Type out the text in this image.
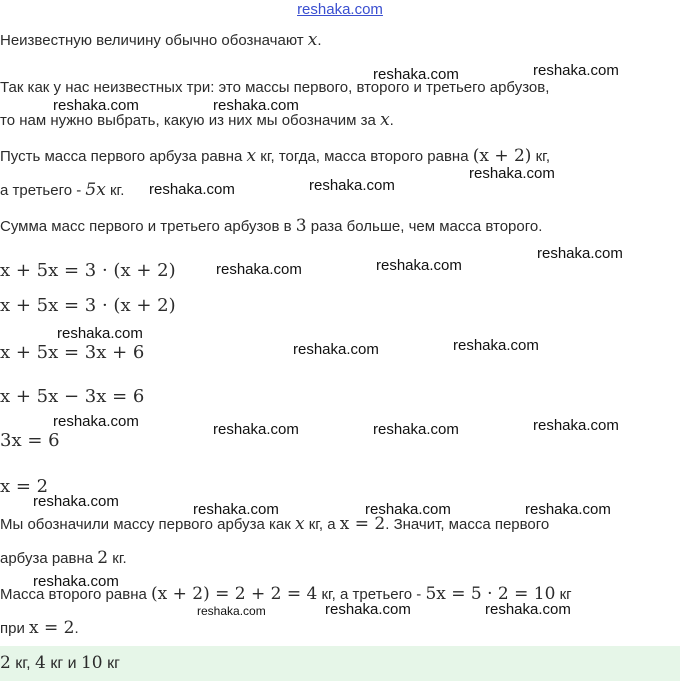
reshaka.com
Неизвестную величину обычно обозначают x.
Так как у нас неизвестных три: это массы первого, второго и третьего арбузов,
то нам нужно выбрать, какую из них мы обозначим за x.
Пусть масса первого арбуза равна x кг, тогда, масса второго равна (x + 2) кг,
а третьего - 5x кг.
Сумма масс первого и третьего арбузов в 3 раза больше, чем масса второго.
x + 5x = 3 · (x + 2)
x + 5x = 3 · (x + 2)
x + 5x = 3x + 6
x + 5x − 3x = 6
3x = 6
x = 2
Мы обозначили массу первого арбуза как x кг, а x = 2. Значит, масса первого
арбуза равна 2 кг.
Масса второго равна (x + 2) = 2 + 2 = 4 кг, а третьего - 5x = 5 · 2 = 10 кг
при x = 2.
2 кг, 4 кг и 10 кг
reshaka.com	reshaka.com
reshaka.com	reshaka.com
reshaka.com	reshaka.com
reshaka.com
reshaka.com	reshaka.com
reshaka.com
reshaka.com
reshaka.com	reshaka.com
reshaka.com	reshaka.com	reshaka.com	reshaka.com
reshaka.com	reshaka.com	reshaka.com	reshaka.com
reshaka.com
reshaka.com	reshaka.com	reshaka.com
